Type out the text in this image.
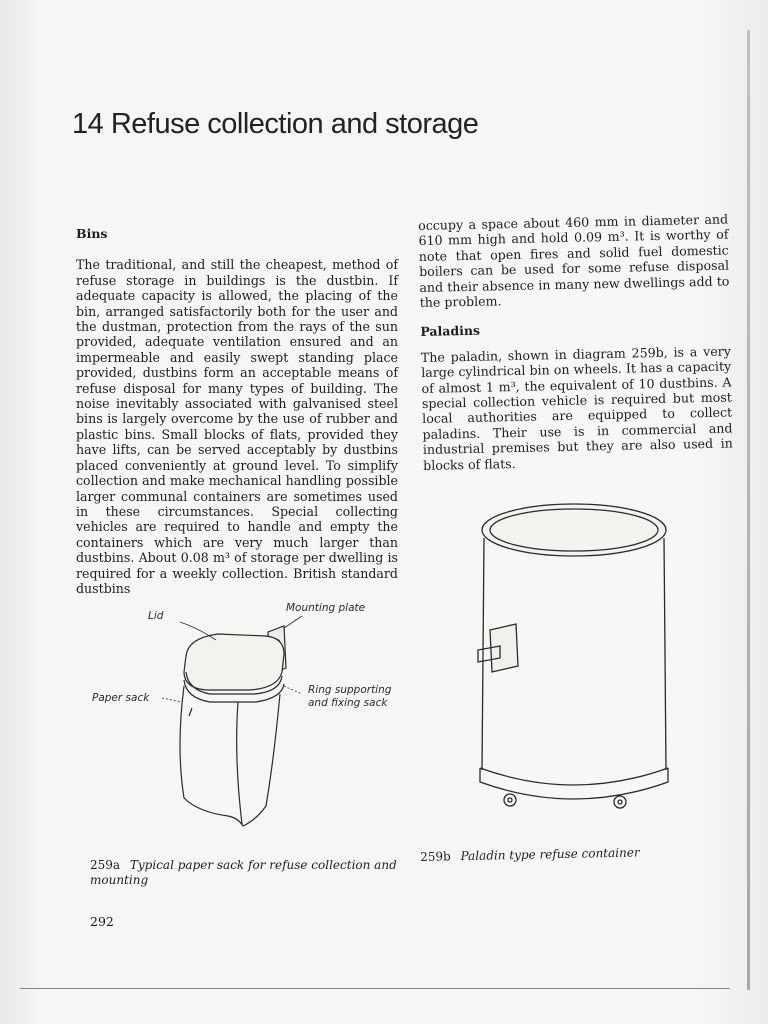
14 Refuse collection and storage
Bins

The traditional, and still the cheapest, method of refuse storage in buildings is the dustbin. If adequate capacity is allowed, the placing of the bin, arranged satisfactorily both for the user and the dustman, protection from the rays of the sun provided, adequate ventilation ensured and an impermeable and easily swept standing place provided, dustbins form an acceptable means of refuse disposal for many types of building. The noise inevitably associated with galvanised steel bins is largely overcome by the use of rubber and plastic bins. Small blocks of flats, provided they have lifts, can be served acceptably by dustbins placed conveniently at ground level. To simplify collection and make mechanical handling possible larger communal containers are sometimes used in these circumstances. Special collecting vehicles are required to handle and empty the containers which are very much larger than dustbins. About 0.08 m³ of storage per dwelling is required for a weekly collection. British standard dustbins

occupy a space about 460 mm in diameter and 610 mm high and hold 0.09 m³. It is worthy of note that open fires and solid fuel domestic boilers can be used for some refuse disposal and their absence in many new dwellings add to the problem.

Paladins

The paladin, shown in diagram 259b, is a very large cylindrical bin on wheels. It has a capacity of almost 1 m³, the equivalent of 10 dustbins. A special collection vehicle is required but most local authorities are equipped to collect paladins. Their use is in commercial and industrial premises but they are also used in blocks of flats.

Lid
Mounting plate
Paper sack
Ring supporting
and fixing sack
259a Typical paper sack for refuse collection and mounting
259b Paladin type refuse container
292
